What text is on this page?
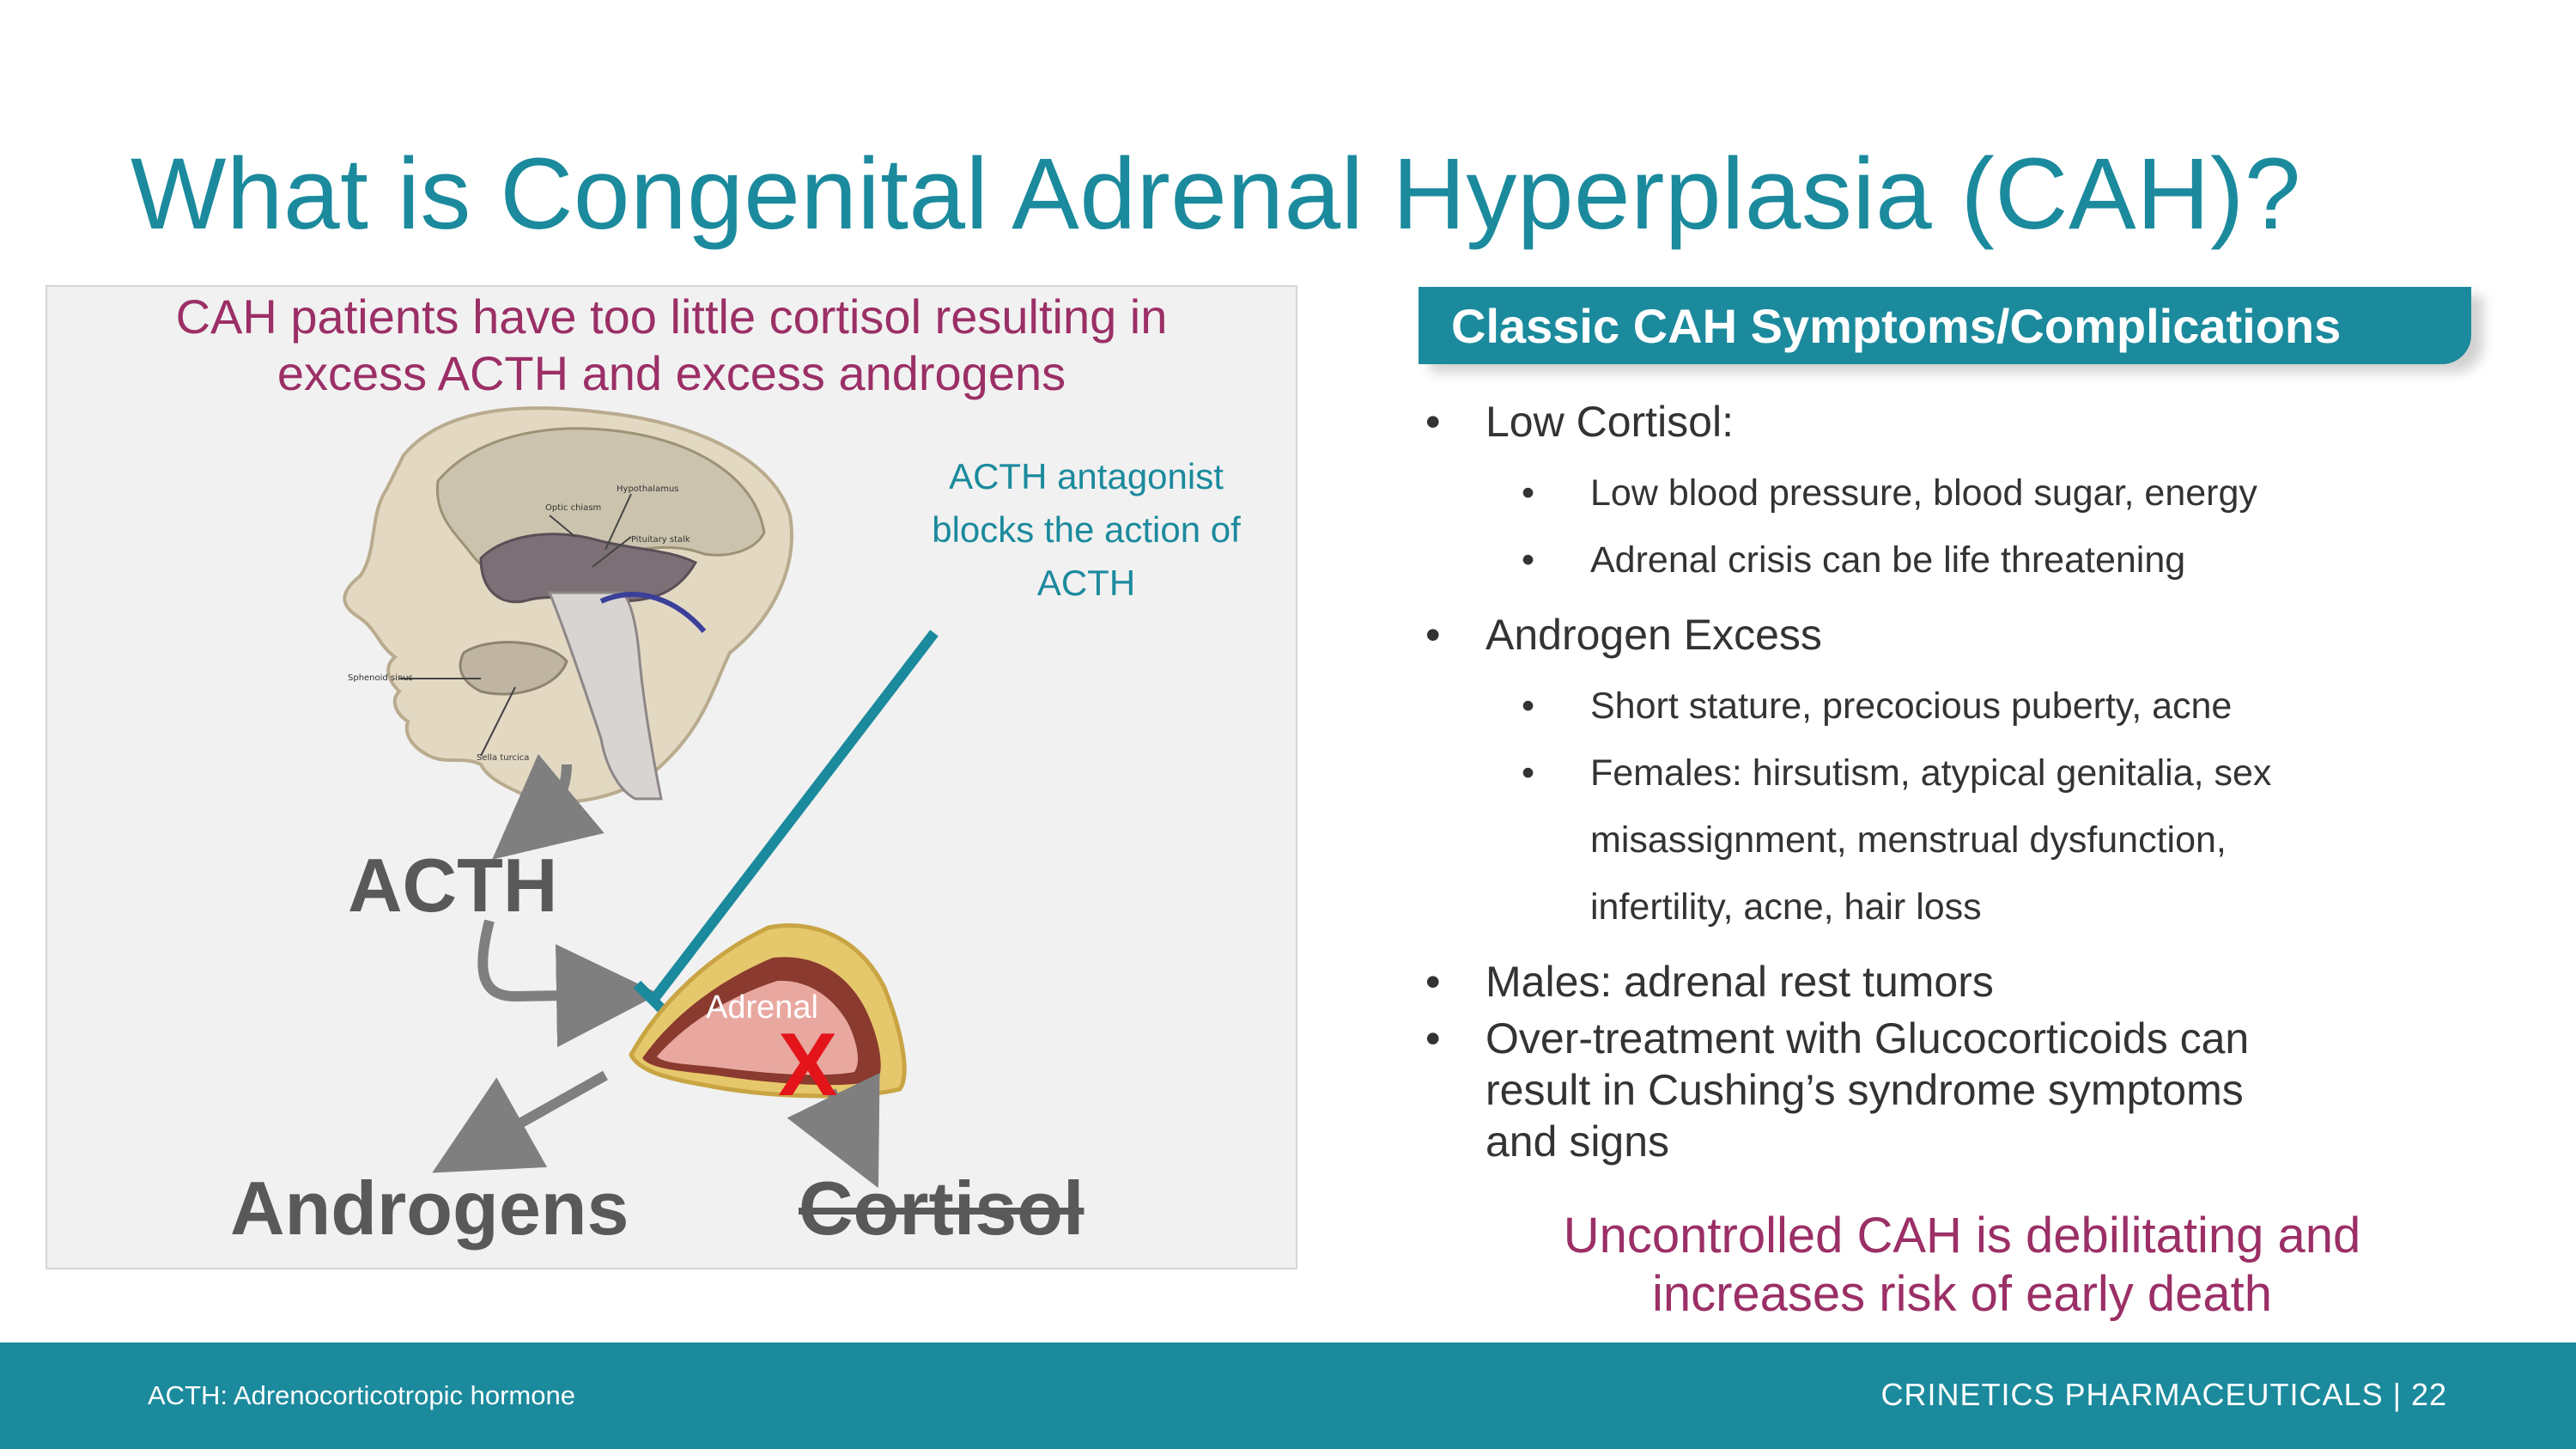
What is Congenital Adrenal Hyperplasia (CAH)?
Optic chiasm
Hypothalamus
Pituitary stalk
Sphenoid sinus
Sella turcica
CAH patients have too little cortisol resulting in
excess ACTH and excess androgens
ACTH antagonist
blocks the action of
ACTH
ACTH
Adrenal
X
Androgens Cortisol
Classic CAH Symptoms/Complications
• Low Cortisol:
• Low blood pressure, blood sugar, energy
• Adrenal crisis can be life threatening
• Androgen Excess
• Short stature, precocious puberty, acne
• Females: hirsutism, atypical genitalia, sex
misassignment, menstrual dysfunction,
infertility, acne, hair loss
• Males: adrenal rest tumors
• Over-treatment with Glucocorticoids can
result in Cushing’s syndrome symptoms
and signs
Uncontrolled CAH is debilitating and
increases risk of early death
ACTH: Adrenocorticotropic hormone	CRINETICS PHARMACEUTICALS | 22
